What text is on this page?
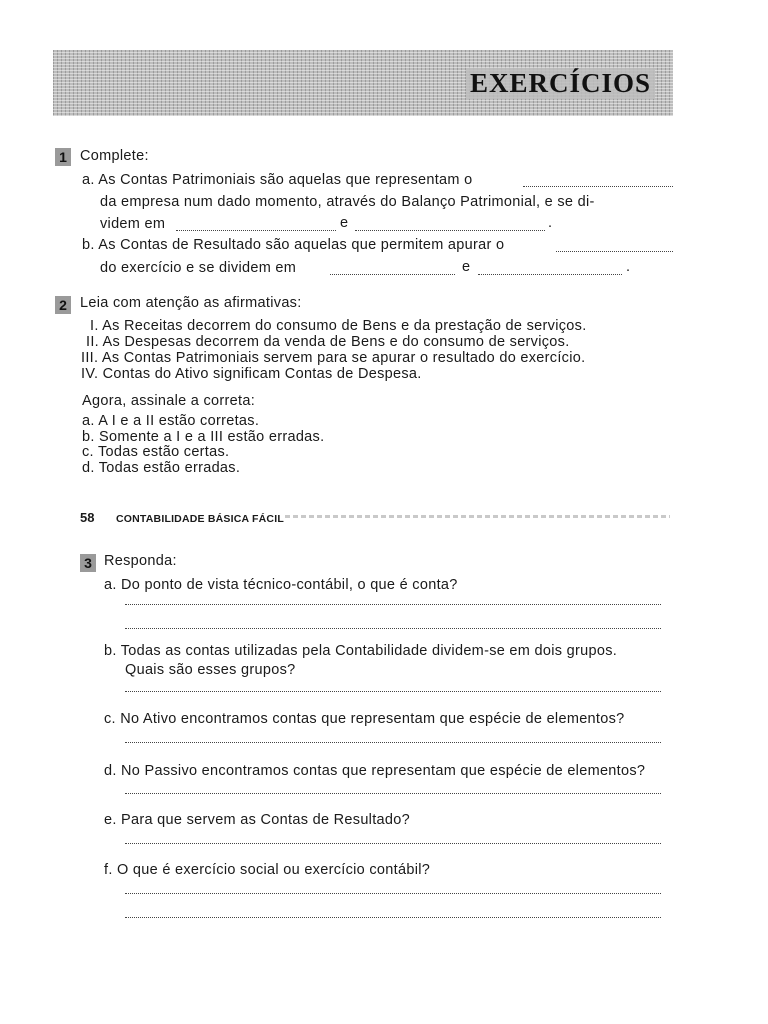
EXERCÍCIOS
1 Complete:
a. As Contas Patrimoniais são aquelas que representam o
da empresa num dado momento, através do Balanço Patrimonial, e se di-
videm em	e	.
b. As Contas de Resultado são aquelas que permitem apurar o
do exercício e se dividem em	e	.
2 Leia com atenção as afirmativas:
I. As Receitas decorrem do consumo de Bens e da prestação de serviços.
II. As Despesas decorrem da venda de Bens e do consumo de serviços.
III. As Contas Patrimoniais servem para se apurar o resultado do exercício.
IV. Contas do Ativo significam Contas de Despesa.
Agora, assinale a correta:
a. A I e a II estão corretas.
b. Somente a I e a III estão erradas.
c. Todas estão certas.
d. Todas estão erradas.
58 CONTABILIDADE BÁSICA FÁCIL
3 Responda:
a. Do ponto de vista técnico-contábil, o que é conta?
b. Todas as contas utilizadas pela Contabilidade dividem-se em dois grupos.
Quais são esses grupos?
c. No Ativo encontramos contas que representam que espécie de elementos?
d. No Passivo encontramos contas que representam que espécie de elementos?
e. Para que servem as Contas de Resultado?
f. O que é exercício social ou exercício contábil?
